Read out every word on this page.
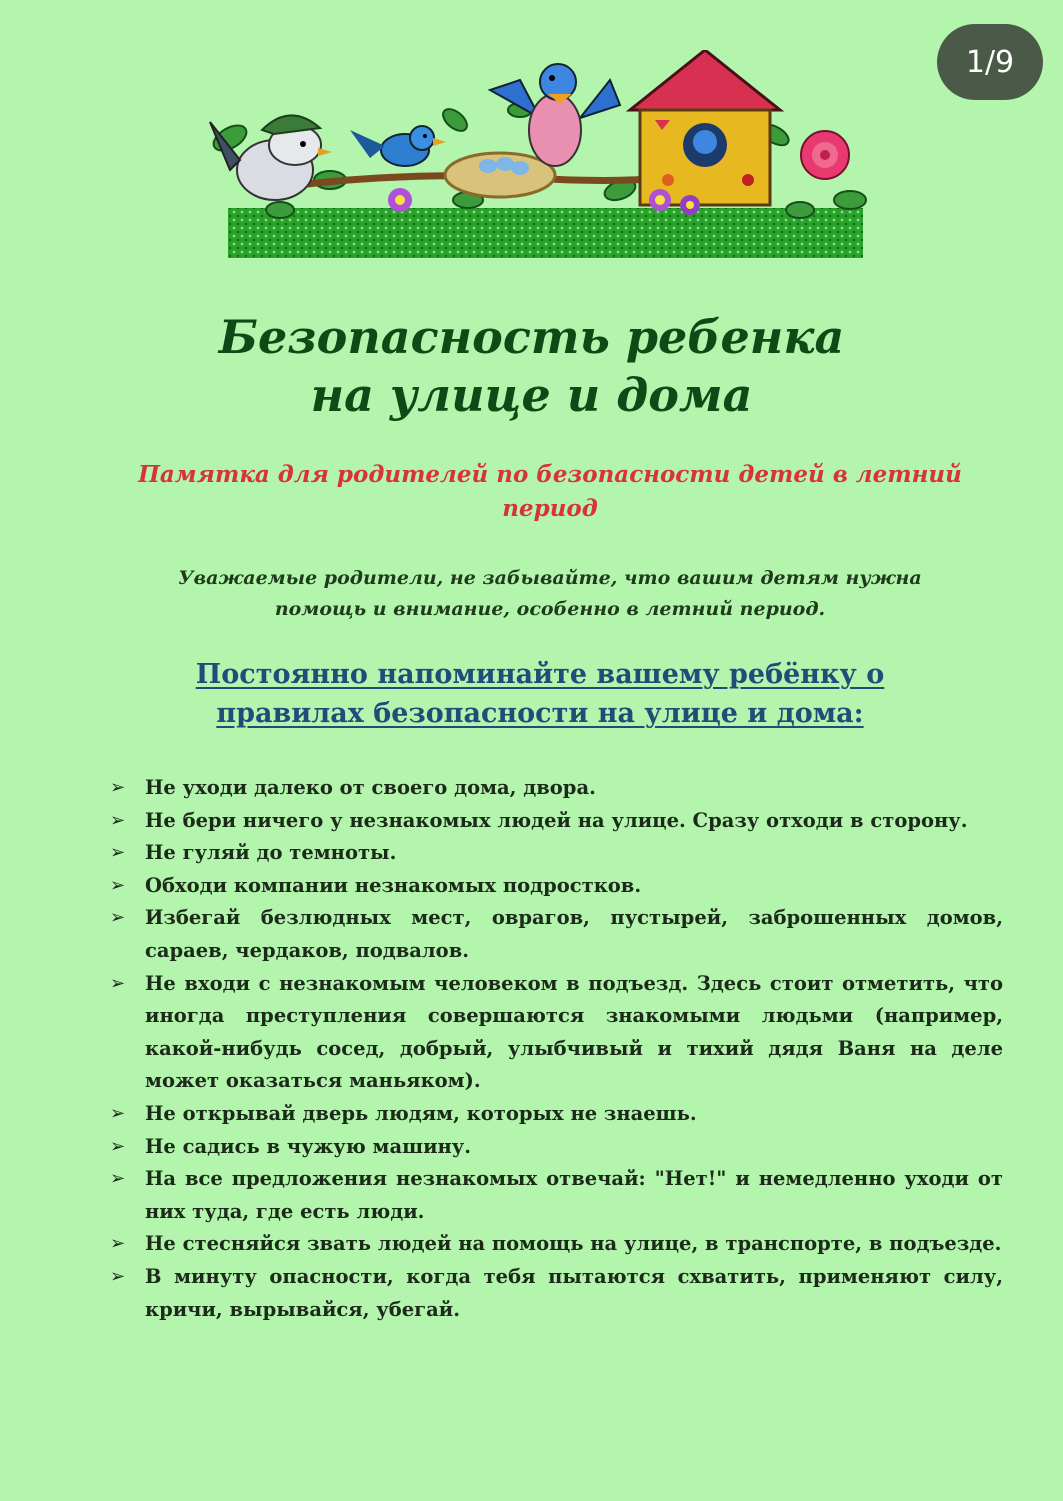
1/9
Безопасность ребенка
на улице и дома
Памятка для родителей по безопасности детей в летний
период
Уважаемые родители, не забывайте, что вашим детям нужна
помощь и внимание, особенно в летний период.
Постоянно напоминайте вашему ребёнку о
правилах безопасности на улице и дома:
➢ Не уходи далеко от своего дома, двора.
➢ Не бери ничего у незнакомых людей на улице. Сразу отходи в сторону.
➢ Не гуляй до темноты.
➢ Обходи компании незнакомых подростков.
➢ Избегай безлюдных мест, оврагов, пустырей, заброшенных домов, сараев, чердаков, подвалов.
➢ Не входи с незнакомым человеком в подъезд. Здесь стоит отметить, что иногда преступления совершаются знакомыми людьми (например, какой-нибудь сосед, добрый, улыбчивый и тихий дядя Ваня на деле может оказаться маньяком).
➢ Не открывай дверь людям, которых не знаешь.
➢ Не садись в чужую машину.
➢ На все предложения незнакомых отвечай: "Нет!" и немедленно уходи от них туда, где есть люди.
➢ Не стесняйся звать людей на помощь на улице, в транспорте, в подъезде.
➢ В минуту опасности, когда тебя пытаются схватить, применяют силу, кричи, вырывайся, убегай.
